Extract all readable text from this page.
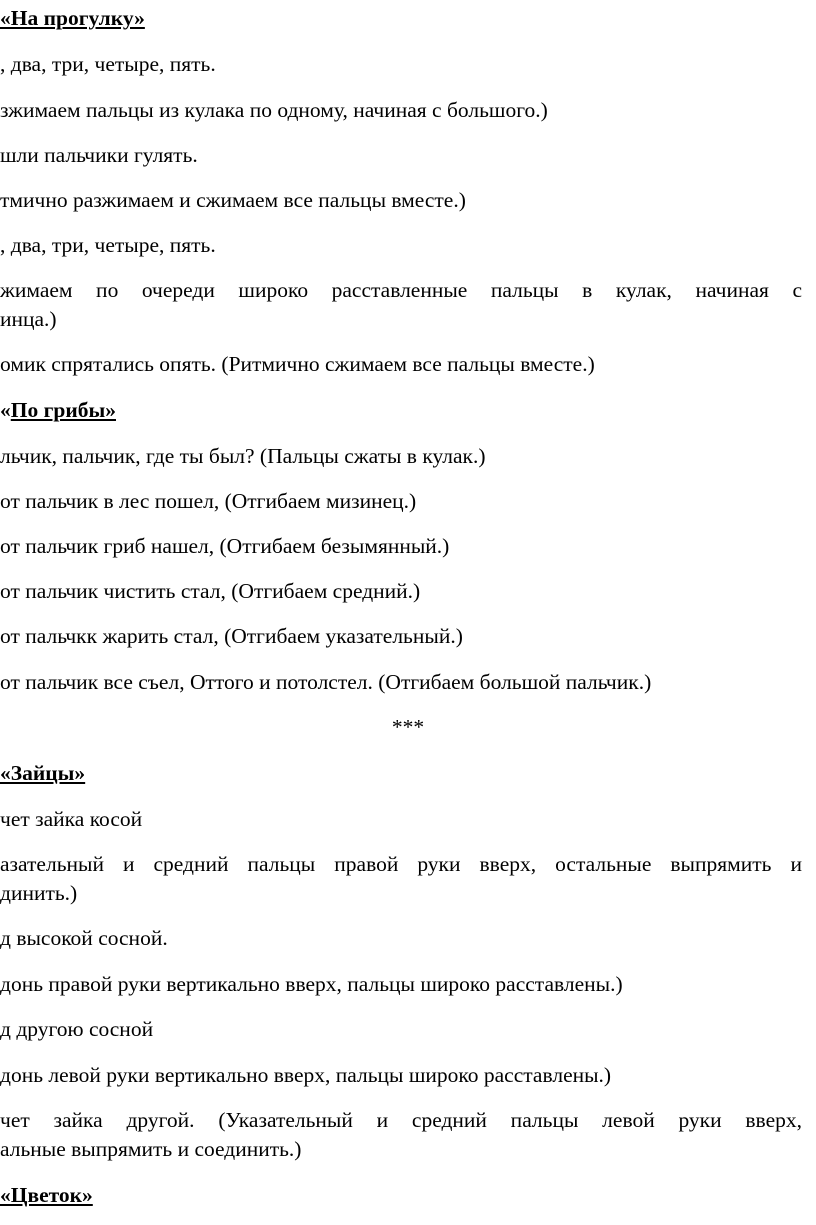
«На прогулку»

, два, три, четыре, пять.

зжимаем пальцы из кулака по одному, начиная с большого.)

шли пальчики гулять.

тмично разжимаем и сжимаем все пальцы вместе.)

, два, три, четыре, пять.

жимаем по очереди широко расставленные пальцы в кулак, начиная с

инца.)

омик спрятались опять. (Ритмично сжимаем все пальцы вместе.)

«По грибы»

льчик, пальчик, где ты был? (Пальцы сжаты в кулак.)

от пальчик в лес пошел, (Отгибаем мизинец.)

от пальчик гриб нашел, (Отгибаем безымянный.)

от пальчик чистить стал, (Отгибаем средний.)

от пальчкк жарить стал, (Отгибаем указательный.)

от пальчик все съел, Оттого и потолстел. (Отгибаем большой пальчик.)

***

«Зайцы»

чет зайка косой

азательный и средний пальцы правой руки вверх, остальные выпрямить и

динить.)

д высокой сосной.

донь правой руки вертикально вверх, пальцы широко расставлены.)

д другою сосной

донь левой руки вертикально вверх, пальцы широко расставлены.)

чет зайка другой. (Указательный и средний пальцы левой руки вверх,

альные выпрямить и соединить.)

«Цветок»
